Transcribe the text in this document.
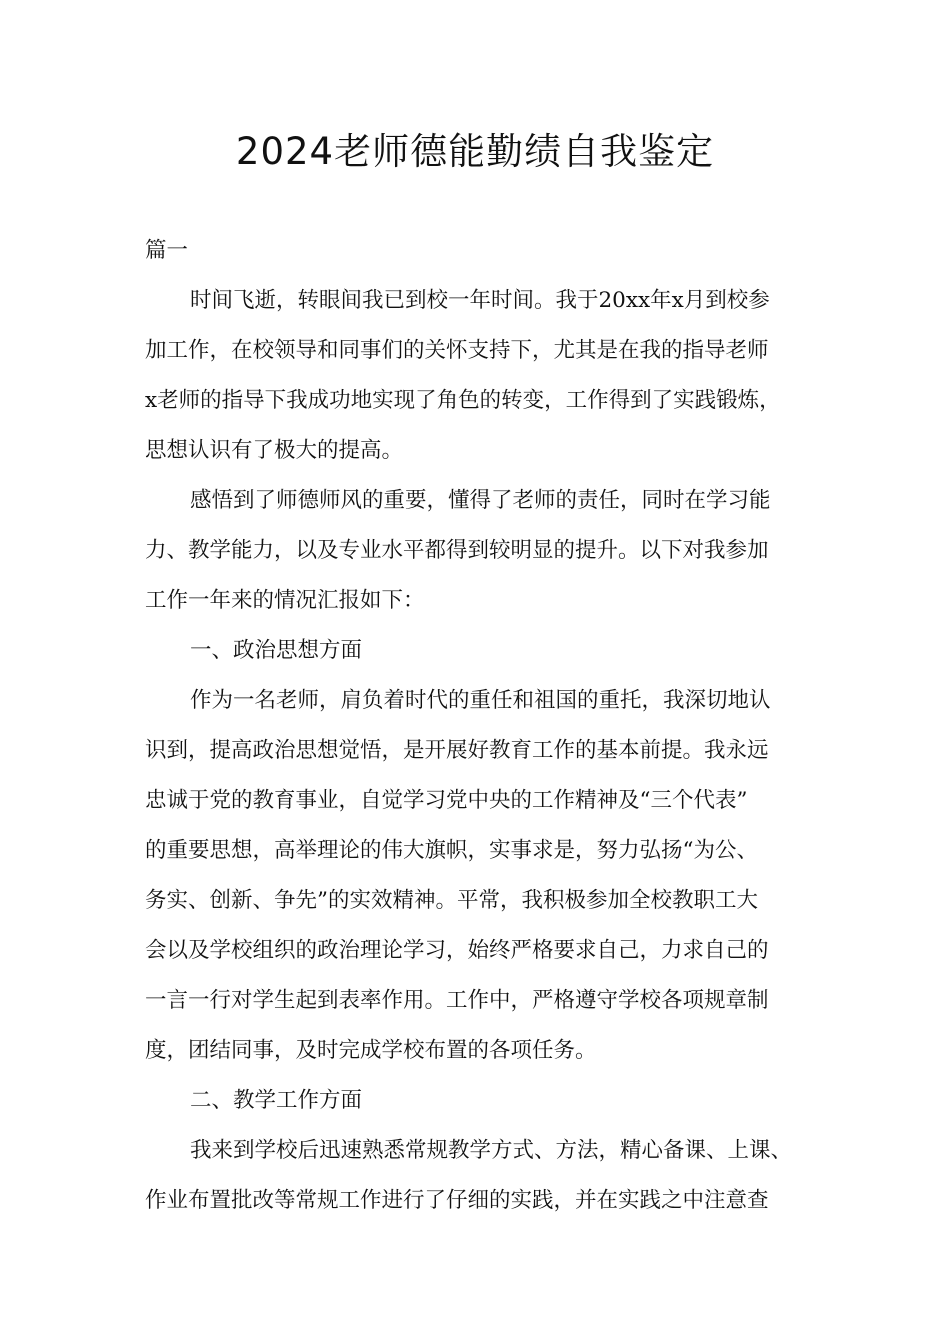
2024老师德能勤绩自我鉴定
篇一
时间飞逝，转眼间我已到校一年时间。我于20xx年x月到校参
加工作，在校领导和同事们的关怀支持下，尤其是在我的指导老师
x老师的指导下我成功地实现了角色的转变，工作得到了实践锻炼，
思想认识有了极大的提高。
感悟到了师德师风的重要，懂得了老师的责任，同时在学习能
力、教学能力，以及专业水平都得到较明显的提升。以下对我参加
工作一年来的情况汇报如下：
一、政治思想方面
作为一名老师，肩负着时代的重任和祖国的重托，我深切地认
识到，提高政治思想觉悟，是开展好教育工作的基本前提。我永远
忠诚于党的教育事业，自觉学习党中央的工作精神及“三个代表”
的重要思想，高举理论的伟大旗帜，实事求是，努力弘扬“为公、
务实、创新、争先”的实效精神。平常，我积极参加全校教职工大
会以及学校组织的政治理论学习，始终严格要求自己，力求自己的
一言一行对学生起到表率作用。工作中，严格遵守学校各项规章制
度，团结同事，及时完成学校布置的各项任务。
二、教学工作方面
我来到学校后迅速熟悉常规教学方式、方法，精心备课、上课、
作业布置批改等常规工作进行了仔细的实践，并在实践之中注意查
